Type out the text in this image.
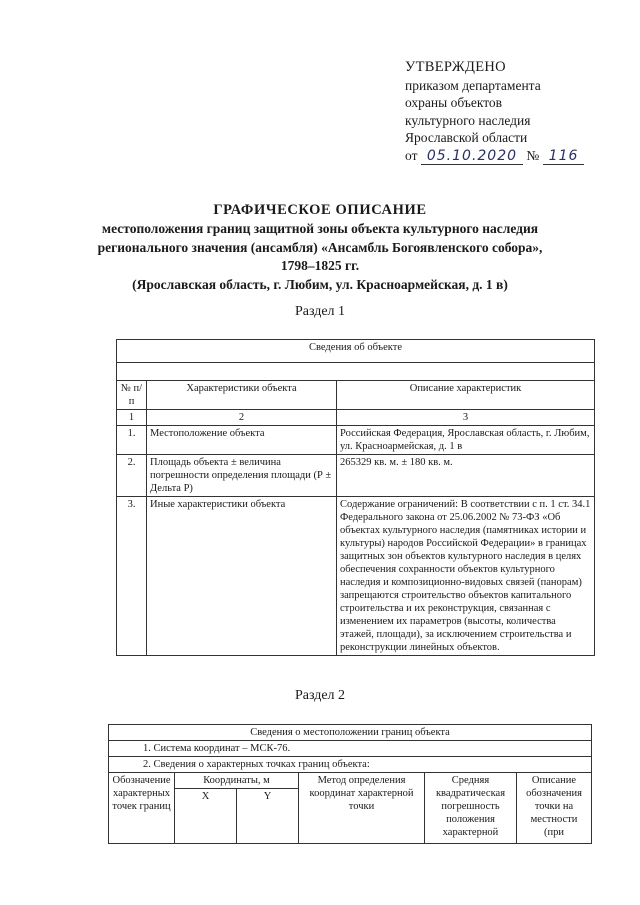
УТВЕРЖДЕНО
приказом департамента
охраны объектов
культурного наследия
Ярославской области
от 05.10.2020 № 116
ГРАФИЧЕСКОЕ ОПИСАНИЕ
местоположения границ защитной зоны объекта культурного наследия
регионального значения (ансамбля) «Ансамбль Богоявленского собора»,
1798–1825 гг.
(Ярославская область, г. Любим, ул. Красноармейская, д. 1 в)
Раздел 1
Сведения об объекте		

№ п/п	Характеристики объекта	Описание характеристик
1	2	3
1.	Местоположение объекта	Российская Федерация, Ярославская область, г. Любим, ул. Красноармейская, д. 1 в
2.	Площадь объекта ± величина погрешности определения площади (Р ± Дельта Р)	265329 кв. м. ± 180 кв. м.
3.	Иные характеристики объекта	Содержание ограничений: В соответствии с п. 1 ст. 34.1 Федерального закона от 25.06.2002 № 73-ФЗ «Об объектах культурного наследия (памятниках истории и культуры) народов Российской Федерации» в границах защитных зон объектов культурного наследия в целях обеспечения сохранности объектов культурного наследия и композиционно-видовых связей (панорам) запрещаются строительство объектов капитального строительства и их реконструкция, связанная с изменением их параметров (высоты, количества этажей, площади), за исключением строительства и реконструкции линейных объектов.
Раздел 2
Сведения о местоположении границ объекта					
1. Система координат – МСК-76.					
2. Сведения о характерных точках границ объекта:					
Обозначение характерных точек границ	Координаты, м		Метод определения координат характерной точки	Средняя квадратическая погрешность положения характерной	Описание обозначения точки на местности (при
	X	Y			
